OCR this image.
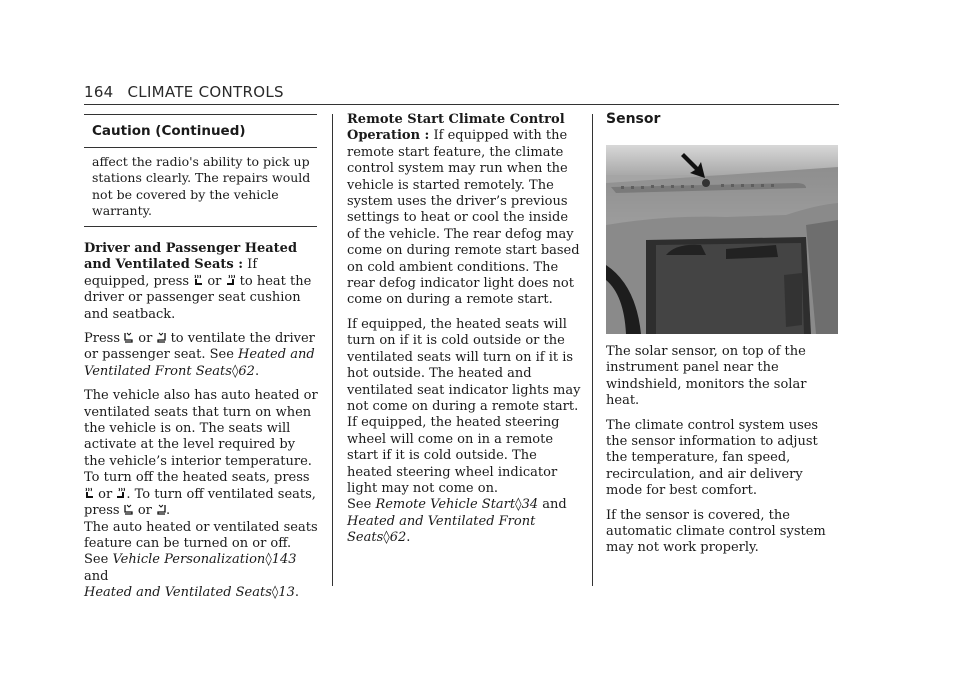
164 CLIMATE CONTROLS
Caution (Continued)
affect the radio's ability to pick up stations clearly. The repairs would not be covered by the vehicle warranty.

Driver and Passenger Heated and Ventilated Seats : If equipped, press
or
to heat the driver or passenger seat cushion and seatback.

Press
or
to ventilate the driver or passenger seat. See Heated and Ventilated Front Seats◊62.

The vehicle also has auto heated or ventilated seats that turn on when the vehicle is on. The seats will activate at the level required by the vehicle’s interior temperature. To turn off the heated seats, press
or
. To turn off ventilated seats, press
or
.
The auto heated or ventilated seats feature can be turned on or off.
See Vehicle Personalization◊143 and
Heated and Ventilated Seats◊13.

Remote Start Climate Control Operation : If equipped with the remote start feature, the climate control system may run when the vehicle is started remotely. The system uses the driver’s previous settings to heat or cool the inside of the vehicle. The rear defog may come on during remote start based on cold ambient conditions. The rear defog indicator light does not come on during a remote start.

If equipped, the heated seats will turn on if it is cold outside or the ventilated seats will turn on if it is hot outside. The heated and ventilated seat indicator lights may not come on during a remote start. If equipped, the heated steering wheel will come on in a remote start if it is cold outside. The heated steering wheel indicator light may not come on.
See Remote Vehicle Start◊34 and
Heated and Ventilated Front Seats◊62.

Sensor

The solar sensor, on top of the instrument panel near the windshield, monitors the solar heat.

The climate control system uses the sensor information to adjust the temperature, fan speed, recirculation, and air delivery mode for best comfort.

If the sensor is covered, the automatic climate control system may not work properly.
